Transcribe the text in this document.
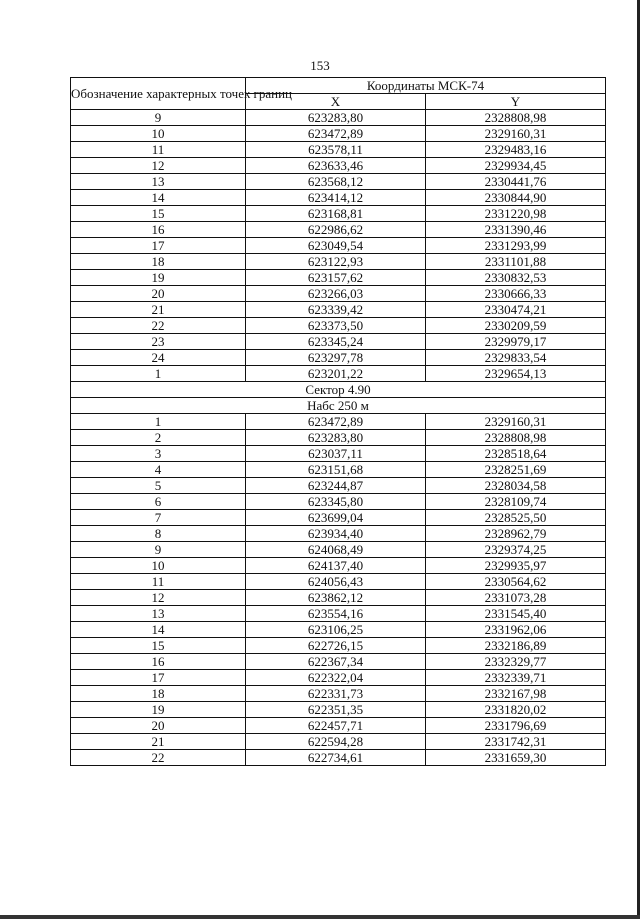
153
Обозначение характерных точек границ	Координаты МСК-74	
	X	Y
9	623283,80	2328808,98
10	623472,89	2329160,31
11	623578,11	2329483,16
12	623633,46	2329934,45
13	623568,12	2330441,76
14	623414,12	2330844,90
15	623168,81	2331220,98
16	622986,62	2331390,46
17	623049,54	2331293,99
18	623122,93	2331101,88
19	623157,62	2330832,53
20	623266,03	2330666,33
21	623339,42	2330474,21
22	623373,50	2330209,59
23	623345,24	2329979,17
24	623297,78	2329833,54
1	623201,22	2329654,13
Сектор 4.90		
Набс 250 м		
1	623472,89	2329160,31
2	623283,80	2328808,98
3	623037,11	2328518,64
4	623151,68	2328251,69
5	623244,87	2328034,58
6	623345,80	2328109,74
7	623699,04	2328525,50
8	623934,40	2328962,79
9	624068,49	2329374,25
10	624137,40	2329935,97
11	624056,43	2330564,62
12	623862,12	2331073,28
13	623554,16	2331545,40
14	623106,25	2331962,06
15	622726,15	2332186,89
16	622367,34	2332329,77
17	622322,04	2332339,71
18	622331,73	2332167,98
19	622351,35	2331820,02
20	622457,71	2331796,69
21	622594,28	2331742,31
22	622734,61	2331659,30
